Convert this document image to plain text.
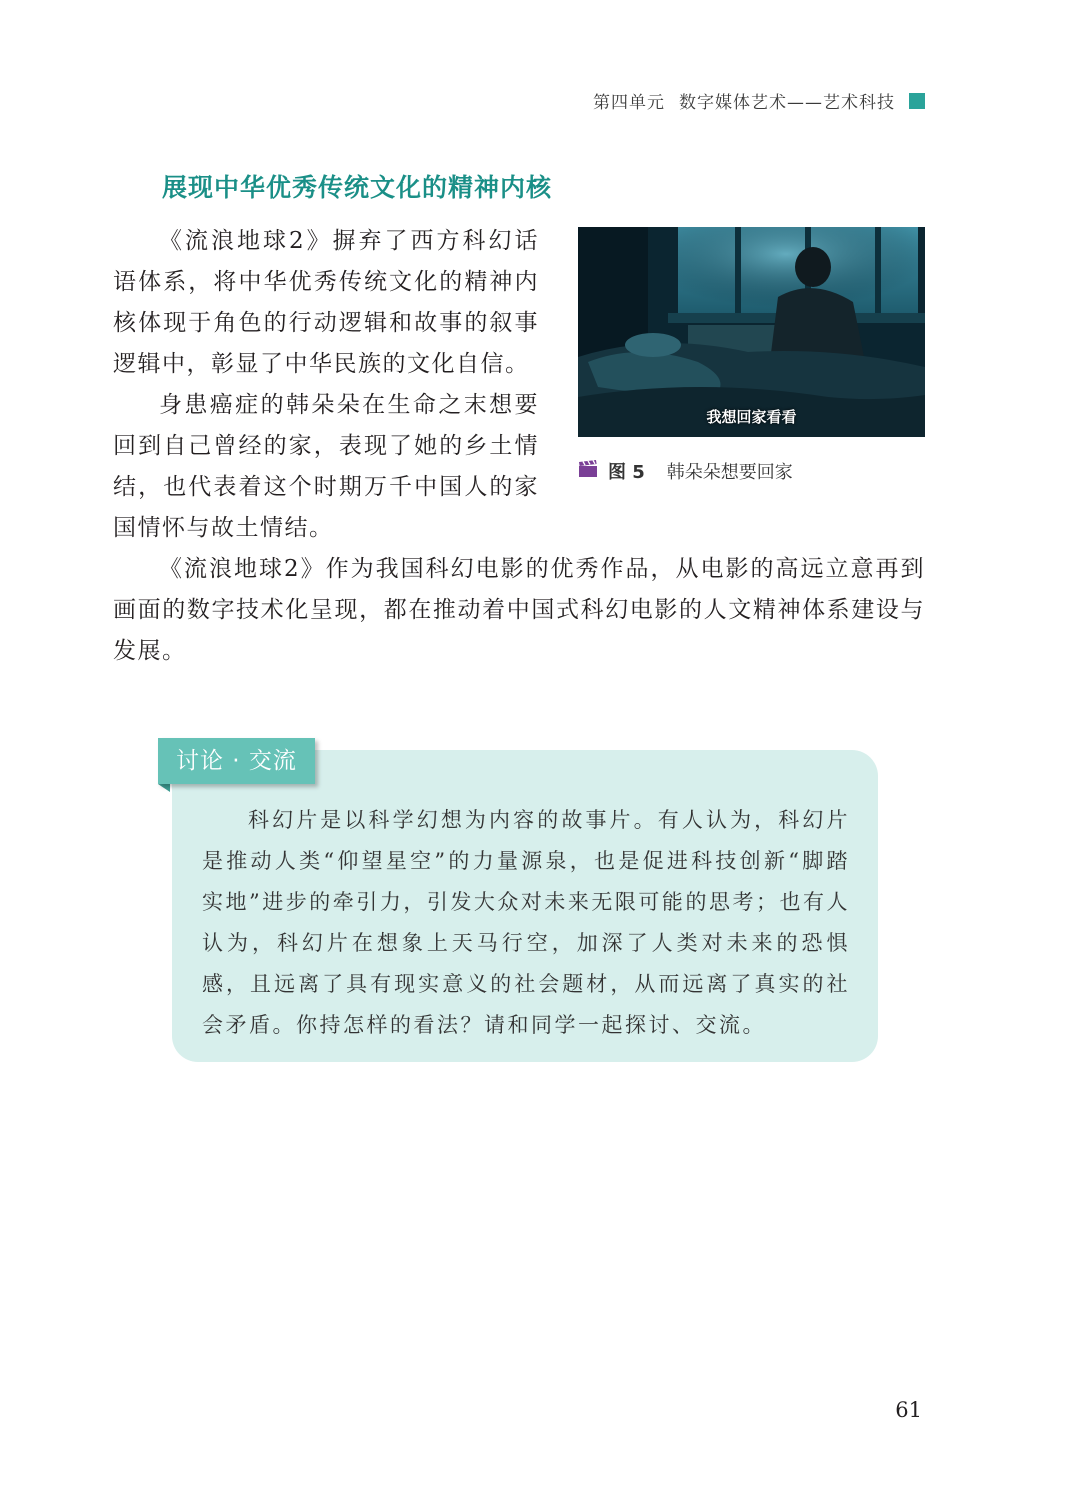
第四单元 数字媒体艺术——艺术科技
展现中华优秀传统文化的精神内核

《流浪地球2》摒弃了西方科幻话语体系，将中华优秀传统文化的精神内核体现于角色的行动逻辑和故事的叙事逻辑中，彰显了中华民族的文化自信。

身患癌症的韩朵朵在生命之末想要回到自己曾经的家，表现了她的乡土情结，也代表着这个时期万千中国人的家国情怀与故土情结。

《流浪地球2》作为我国科幻电影的优秀作品，从电影的高远立意再到画面的数字技术化呈现，都在推动着中国式科幻电影的人文精神体系建设与发展。

我想回家看看
图 5 韩朵朵想要回家
讨论 · 交流

科幻片是以科学幻想为内容的故事片。有人认为，科幻片是推动人类“仰望星空”的力量源泉，也是促进科技创新“脚踏实地”进步的牵引力，引发大众对未来无限可能的思考；也有人认为，科幻片在想象上天马行空，加深了人类对未来的恐惧感，且远离了具有现实意义的社会题材，从而远离了真实的社会矛盾。你持怎样的看法？请和同学一起探讨、交流。

61
